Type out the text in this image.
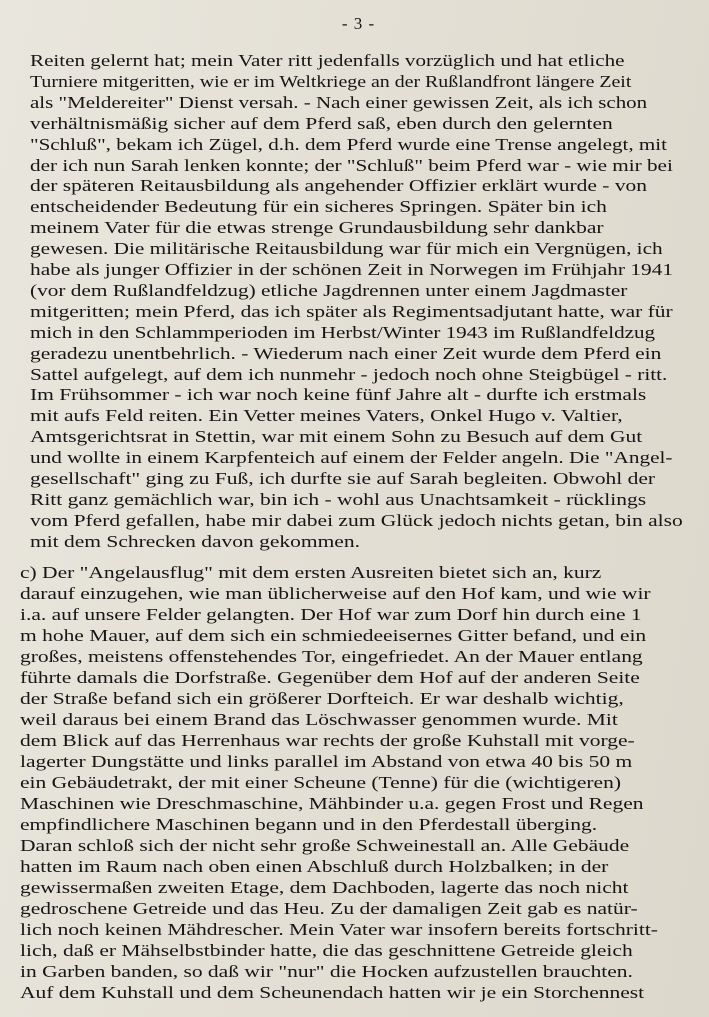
- 3 -
Reiten gelernt hat; mein Vater ritt jedenfalls vorzüglich und hat etliche
Turniere mitgeritten, wie er im Weltkriege an der Rußlandfront längere Zeit
als "Meldereiter" Dienst versah. - Nach einer gewissen Zeit, als ich schon
verhältnismäßig sicher auf dem Pferd saß, eben durch den gelernten
"Schluß", bekam ich Zügel, d.h. dem Pferd wurde eine Trense angelegt, mit
der ich nun Sarah lenken konnte; der "Schluß" beim Pferd war - wie mir bei
der späteren Reitausbildung als angehender Offizier erklärt wurde - von
entscheidender Bedeutung für ein sicheres Springen. Später bin ich
meinem Vater für die etwas strenge Grundausbildung sehr dankbar
gewesen. Die militärische Reitausbildung war für mich ein Vergnügen, ich
habe als junger Offizier in der schönen Zeit in Norwegen im Frühjahr 1941
(vor dem Rußlandfeldzug) etliche Jagdrennen unter einem Jagdmaster
mitgeritten; mein Pferd, das ich später als Regimentsadjutant hatte, war für
mich in den Schlammperioden im Herbst/Winter 1943 im Rußlandfeldzug
geradezu unentbehrlich. - Wiederum nach einer Zeit wurde dem Pferd ein
Sattel aufgelegt, auf dem ich nunmehr - jedoch noch ohne Steigbügel - ritt.
Im Frühsommer - ich war noch keine fünf Jahre alt - durfte ich erstmals
mit aufs Feld reiten. Ein Vetter meines Vaters, Onkel Hugo v. Valtier,
Amtsgerichtsrat in Stettin, war mit einem Sohn zu Besuch auf dem Gut
und wollte in einem Karpfenteich auf einem der Felder angeln. Die "Angel-
gesellschaft" ging zu Fuß, ich durfte sie auf Sarah begleiten. Obwohl der
Ritt ganz gemächlich war, bin ich - wohl aus Unachtsamkeit - rücklings
vom Pferd gefallen, habe mir dabei zum Glück jedoch nichts getan, bin also
mit dem Schrecken davon gekommen.
c) Der "Angelausflug" mit dem ersten Ausreiten bietet sich an, kurz
darauf einzugehen, wie man üblicherweise auf den Hof kam, und wie wir
i.a. auf unsere Felder gelangten. Der Hof war zum Dorf hin durch eine 1
m hohe Mauer, auf dem sich ein schmiedeeisernes Gitter befand, und ein
großes, meistens offenstehendes Tor, eingefriedet. An der Mauer entlang
führte damals die Dorfstraße. Gegenüber dem Hof auf der anderen Seite
der Straße befand sich ein größerer Dorfteich. Er war deshalb wichtig,
weil daraus bei einem Brand das Löschwasser genommen wurde. Mit
dem Blick auf das Herrenhaus war rechts der große Kuhstall mit vorge-
lagerter Dungstätte und links parallel im Abstand von etwa 40 bis 50 m
ein Gebäudetrakt, der mit einer Scheune (Tenne) für die (wichtigeren)
Maschinen wie Dreschmaschine, Mähbinder u.a. gegen Frost und Regen
empfindlichere Maschinen begann und in den Pferdestall überging.
Daran schloß sich der nicht sehr große Schweinestall an. Alle Gebäude
hatten im Raum nach oben einen Abschluß durch Holzbalken; in der
gewissermaßen zweiten Etage, dem Dachboden, lagerte das noch nicht
gedroschene Getreide und das Heu. Zu der damaligen Zeit gab es natür-
lich noch keinen Mähdrescher. Mein Vater war insofern bereits fortschritt-
lich, daß er Mähselbstbinder hatte, die das geschnittene Getreide gleich
in Garben banden, so daß wir "nur" die Hocken aufzustellen brauchten.
Auf dem Kuhstall und dem Scheunendach hatten wir je ein Storchennest
